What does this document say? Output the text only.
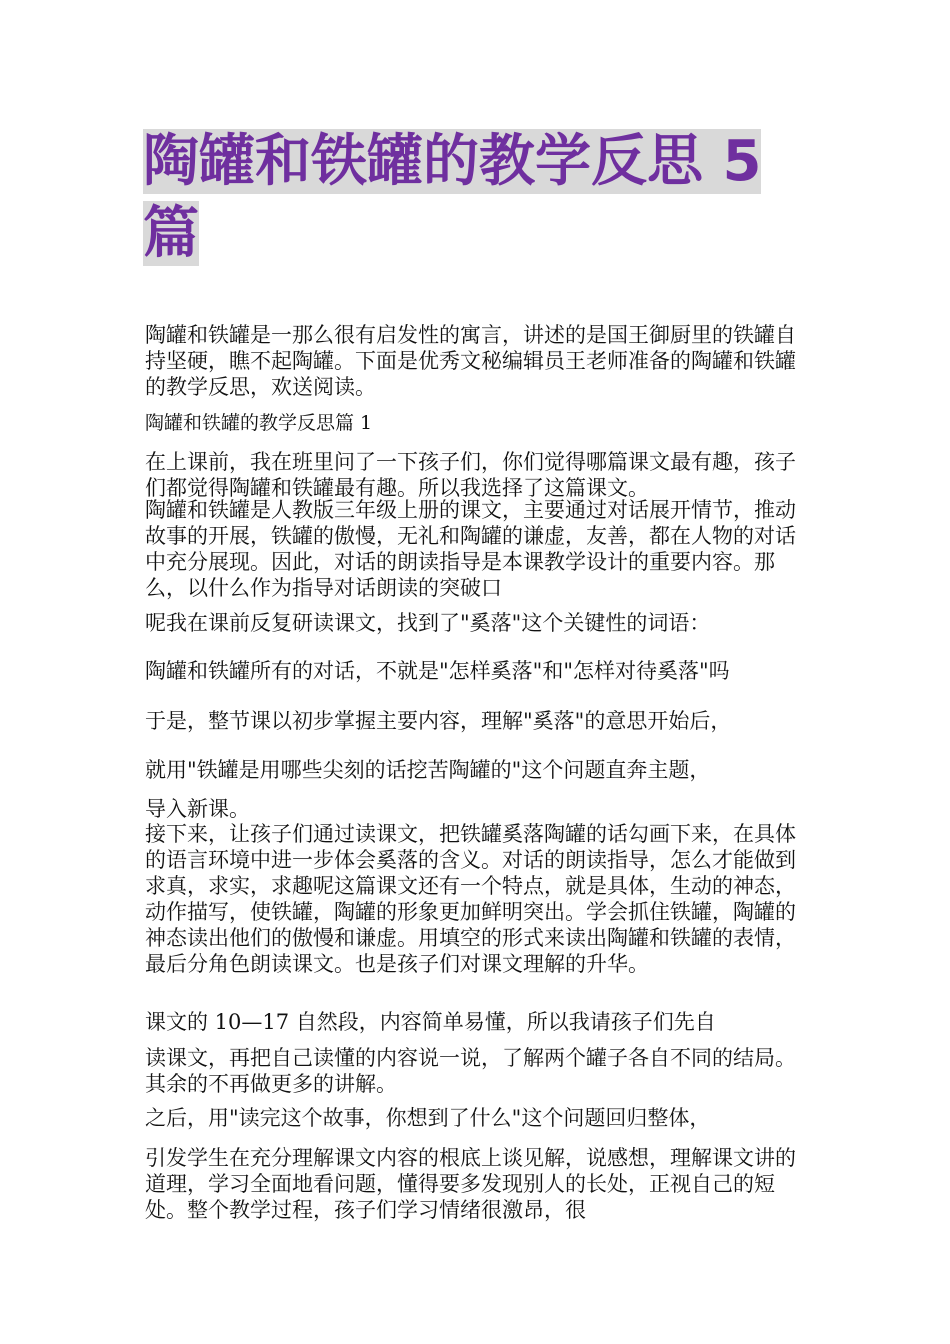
陶罐和铁罐的教学反思 5
篇

陶罐和铁罐是一那么很有启发性的寓言，讲述的是国王御厨里的铁罐自持坚硬，瞧不起陶罐。下面是优秀文秘编辑员王老师准备的陶罐和铁罐的教学反思，欢送阅读。

陶罐和铁罐的教学反思篇 1

在上课前，我在班里问了一下孩子们，你们觉得哪篇课文最有趣，孩子们都觉得陶罐和铁罐最有趣。所以我选择了这篇课文。

陶罐和铁罐是人教版三年级上册的课文，主要通过对话展开情节，推动故事的开展，铁罐的傲慢，无礼和陶罐的谦虚，友善，都在人物的对话中充分展现。因此，对话的朗读指导是本课教学设计的重要内容。那么，以什么作为指导对话朗读的突破口

呢我在课前反复研读课文，找到了"奚落"这个关键性的词语：

陶罐和铁罐所有的对话，不就是"怎样奚落"和"怎样对待奚落"吗

于是，整节课以初步掌握主要内容，理解"奚落"的意思开始后，

就用"铁罐是用哪些尖刻的话挖苦陶罐的"这个问题直奔主题，

导入新课。

接下来，让孩子们通过读课文，把铁罐奚落陶罐的话勾画下来，在具体的语言环境中进一步体会奚落的含义。对话的朗读指导，怎么才能做到求真，求实，求趣呢这篇课文还有一个特点，就是具体，生动的神态，动作描写，使铁罐，陶罐的形象更加鲜明突出。学会抓住铁罐，陶罐的神态读出他们的傲慢和谦虚。用填空的形式来读出陶罐和铁罐的表情，最后分角色朗读课文。也是孩子们对课文理解的升华。

课文的 10—17 自然段，内容简单易懂，所以我请孩子们先自

读课文，再把自己读懂的内容说一说，了解两个罐子各自不同的结局。其余的不再做更多的讲解。

之后，用"读完这个故事，你想到了什么"这个问题回归整体，

引发学生在充分理解课文内容的根底上谈见解，说感想，理解课文讲的道理，学习全面地看问题，懂得要多发现别人的长处，正视自己的短处。整个教学过程，孩子们学习情绪很激昂，很
